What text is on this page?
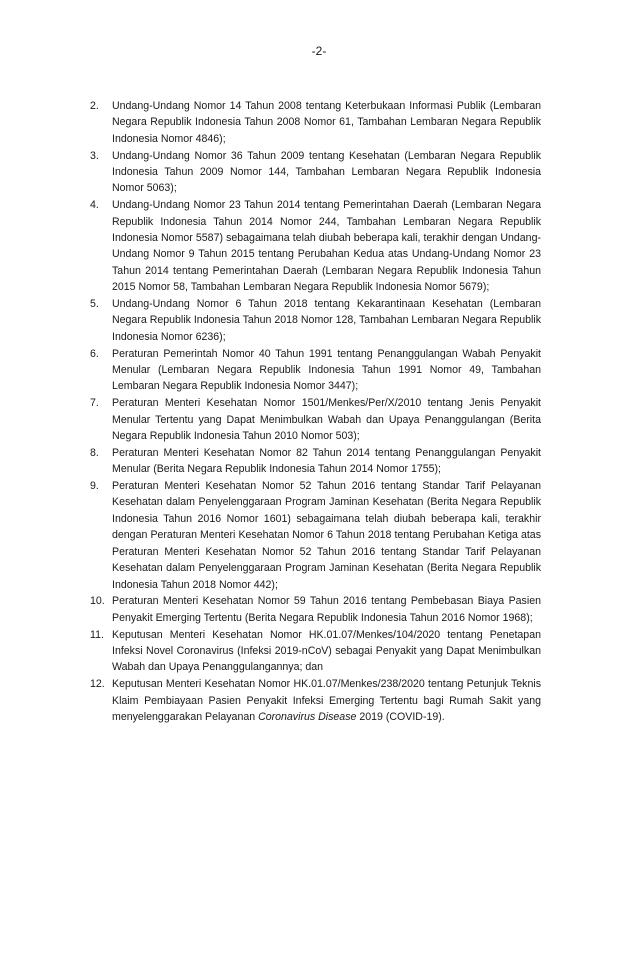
-2-
2.	Undang-Undang Nomor 14 Tahun 2008 tentang Keterbukaan Informasi Publik (Lembaran Negara Republik Indonesia Tahun 2008 Nomor 61, Tambahan Lembaran Negara Republik Indonesia Nomor 4846);
3.	Undang-Undang Nomor 36 Tahun 2009 tentang Kesehatan (Lembaran Negara Republik Indonesia Tahun 2009 Nomor 144, Tambahan Lembaran Negara Republik Indonesia Nomor 5063);
4.	Undang-Undang Nomor 23 Tahun 2014 tentang Pemerintahan Daerah (Lembaran Negara Republik Indonesia Tahun 2014 Nomor 244, Tambahan Lembaran Negara Republik Indonesia Nomor 5587) sebagaimana telah diubah beberapa kali, terakhir dengan Undang-Undang Nomor 9 Tahun 2015 tentang Perubahan Kedua atas Undang-Undang Nomor 23 Tahun 2014 tentang Pemerintahan Daerah (Lembaran Negara Republik Indonesia Tahun 2015 Nomor 58, Tambahan Lembaran Negara Republik Indonesia Nomor 5679);
5.	Undang-Undang Nomor 6 Tahun 2018 tentang Kekarantinaan Kesehatan (Lembaran Negara Republik Indonesia Tahun 2018 Nomor 128, Tambahan Lembaran Negara Republik Indonesia Nomor 6236);
6.	Peraturan Pemerintah Nomor 40 Tahun 1991 tentang Penanggulangan Wabah Penyakit Menular (Lembaran Negara Republik Indonesia Tahun 1991 Nomor 49, Tambahan Lembaran Negara Republik Indonesia Nomor 3447);
7.	Peraturan Menteri Kesehatan Nomor 1501/Menkes/Per/X/2010 tentang Jenis Penyakit Menular Tertentu yang Dapat Menimbulkan Wabah dan Upaya Penanggulangan (Berita Negara Republik Indonesia Tahun 2010 Nomor 503);
8.	Peraturan Menteri Kesehatan Nomor 82 Tahun 2014 tentang Penanggulangan Penyakit Menular (Berita Negara Republik Indonesia Tahun 2014 Nomor 1755);
9.	Peraturan Menteri Kesehatan Nomor 52 Tahun 2016 tentang Standar Tarif Pelayanan Kesehatan dalam Penyelenggaraan Program Jaminan Kesehatan (Berita Negara Republik Indonesia Tahun 2016 Nomor 1601) sebagaimana telah diubah beberapa kali, terakhir dengan Peraturan Menteri Kesehatan Nomor 6 Tahun 2018 tentang Perubahan Ketiga atas Peraturan Menteri Kesehatan Nomor 52 Tahun 2016 tentang Standar Tarif Pelayanan Kesehatan dalam Penyelenggaraan Program Jaminan Kesehatan (Berita Negara Republik Indonesia Tahun 2018 Nomor 442);
10. Peraturan Menteri Kesehatan Nomor 59 Tahun 2016 tentang Pembebasan Biaya Pasien Penyakit Emerging Tertentu (Berita Negara Republik Indonesia Tahun 2016 Nomor 1968);
11. Keputusan Menteri Kesehatan Nomor HK.01.07/Menkes/104/2020 tentang Penetapan Infeksi Novel Coronavirus (Infeksi 2019-nCoV) sebagai Penyakit yang Dapat Menimbulkan Wabah dan Upaya Penanggulangannya; dan
12. Keputusan Menteri Kesehatan Nomor HK.01.07/Menkes/238/2020 tentang Petunjuk Teknis Klaim Pembiayaan Pasien Penyakit Infeksi Emerging Tertentu bagi Rumah Sakit yang menyelenggarakan Pelayanan Coronavirus Disease 2019 (COVID-19).
